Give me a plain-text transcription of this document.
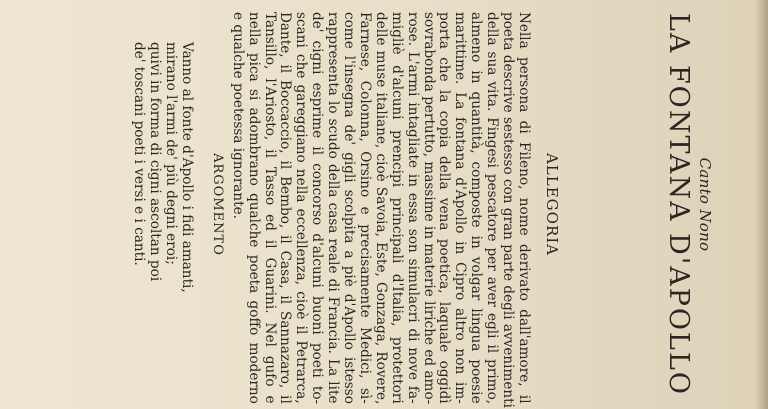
Canto Nono
LA FONTANA D'APOLLO
ALLEGORIA
Nella persona di Fileno, nome derivato dall'amore, il
poeta descrive sestesso con gran parte degli avvenimenti
della sua vita. Fingesi pescatore per aver egli il primo,
almeno in quantità, composte in volgar lingua poesie
marittime. La fontana d'Apollo in Cipro altro non im-
porta che la copia della vena poetica, laquale oggidì
sovrabonda pertutto, massime in materie liriche ed amo-
rose. L'armi intagliate in essa son simulacri di nove fa-
migliè d'alcuni prencipi principali d'Italia, protettori
delle muse italiane, cioè Savoia, Este, Gonzaga, Rovere,
Farnese, Colonna, Orsino e precisamente Medici, sì-
come l'insegna de' gigli scolpita a piè d'Apollo istesso
rappresenta lo scudo della casa reale di Francia. La lite
de' cigni esprime il concorso d'alcuni buoni poeti to-
scani che gareggiano nella eccellenza, cioè il Petrarca,
Dante, il Boccaccio, il Bembo, il Casa, il Sannazaro, il
Tansillo, l'Ariosto, il Tasso ed il Guarini. Nel gufo e
nella pica si adombrano qualche poeta goffo moderno
e qualche poetessa ignorante.
ARGOMENTO
Vanno al fonte d'Apollo i fidi amanti,
mirano l'armi de' più degni eroi;
quivi in forma di cigni ascoltan poi
de' toscani poeti i versi e i canti.
